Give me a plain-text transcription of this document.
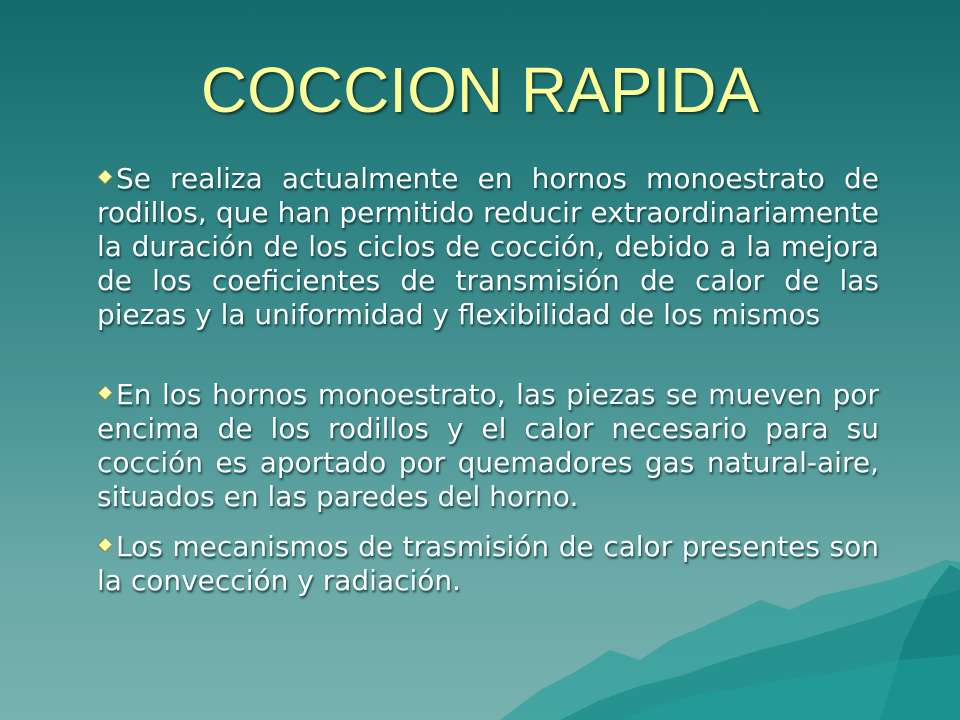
COCCION RAPIDA

Se realiza actualmente en hornos monoestrato de rodillos, que han permitido reducir extraordinariamente la duración de los ciclos de cocción, debido a la mejora de los coeficientes de transmisión de calor de las piezas y la uniformidad y flexibilidad de los mismos

En los hornos monoestrato, las piezas se mueven por encima de los rodillos y el calor necesario para su cocción es aportado por quemadores gas natural-aire, situados en las paredes del horno.

Los mecanismos de trasmisión de calor presentes son la convección y radiación.
